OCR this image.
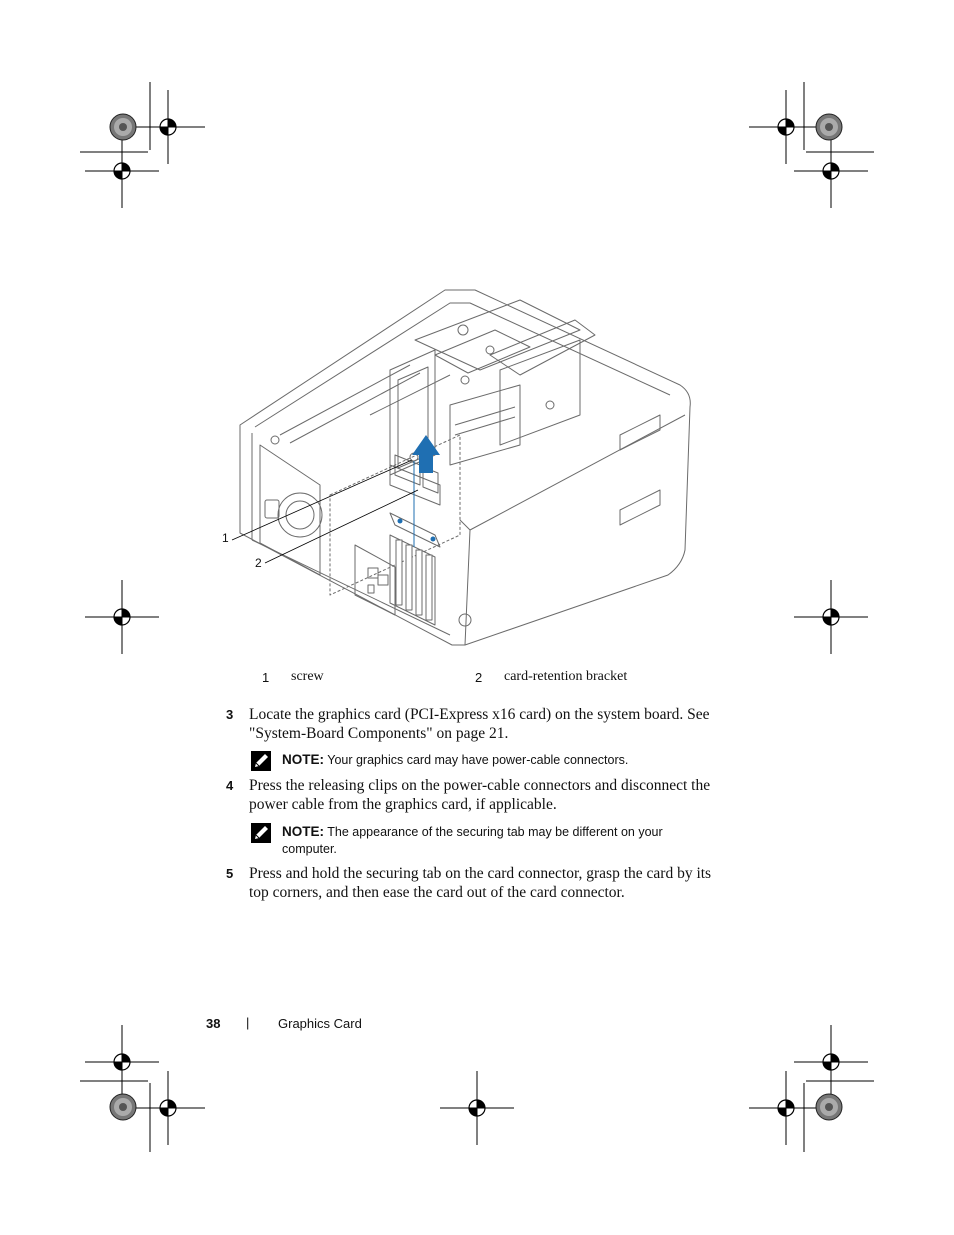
1
2
1 screw	2 card-retention bracket
3 Locate the graphics card (PCI-Express x16 card) on the system board. See "System-Board Components" on page 21.
NOTE: Your graphics card may have power-cable connectors.
4 Press the releasing clips on the power-cable connectors and disconnect the power cable from the graphics card, if applicable.
NOTE: The appearance of the securing tab may be different on your computer.
5 Press and hold the securing tab on the card connector, grasp the card by its top corners, and then ease the card out of the card connector.
38 | Graphics Card
